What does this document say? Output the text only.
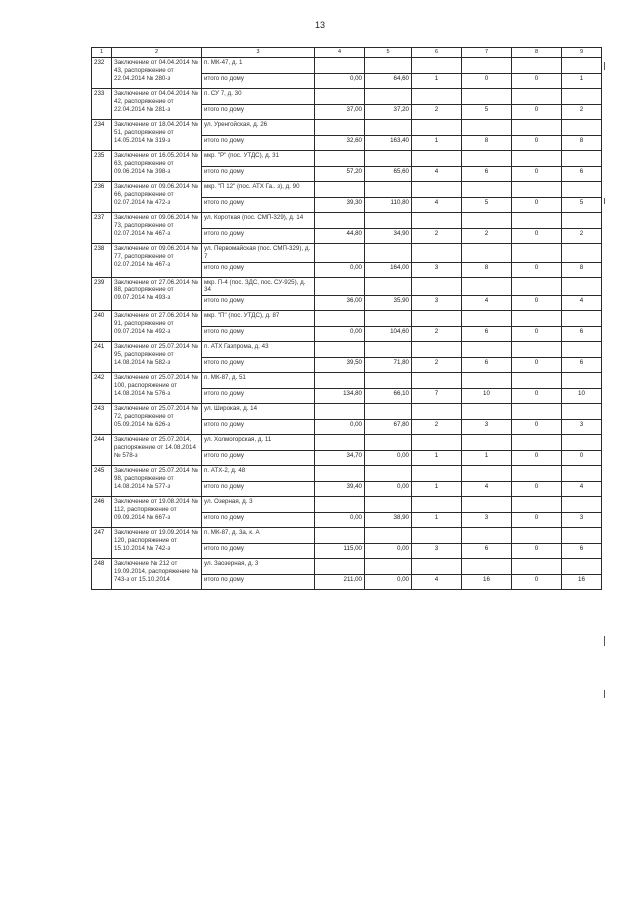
13
1	2	3	4	5	6	7	8	9
232	Заключение от 04.04.2014 № 43, распоряжение от 22.04.2014 № 280-з	п. МК-47, д. 1						
		итого по дому	0,00	64,60	1	0	0	1
233	Заключение от 04.04.2014 № 42, распоряжение от 22.04.2014 № 281-з	п. СУ 7, д. 30						
		итого по дому	37,00	37,20	2	5	0	2
234	Заключение от 18.04.2014 № 51, распоряжение от 14.05.2014 № 319-з	ул. Уренгойская, д. 26						
		итого по дому	32,60	163,40	1	8	0	8
235	Заключение от 16.05.2014 № 63, распоряжение от 09.06.2014 № 398-з	мкр. "Р" (пос. УТДС), д. 31						
		итого по дому	57,20	65,60	4	6	0	6
236	Заключение от 09.06.2014 № 66, распоряжение от 02.07.2014 № 472-з	мкр. "П 12" (пос. АТХ Га.. з), д. 90						
		итого по дому	39,30	110,80	4	5	0	5
237	Заключение от 09.06.2014 № 73, распоряжение от 02.07.2014 № 467-з	ул. Короткая (пос. СМП-329), д. 14						
		итого по дому	44,80	34,90	2	2	0	2
238	Заключение от 09.06.2014 № 77, распоряжение от 02.07.2014 № 467-з	ул. Первомайская (пос. СМП-329), д. 7						
		итого по дому	0,00	164,00	3	8	0	8
239	Заключение от 27.06.2014 № 88, распоряжение от 09.07.2014 № 493-з	мкр. П-4 (пос. ЗДС, пос. СУ-925), д. 34						
		итого по дому	36,00	35,90	3	4	0	4
240	Заключение от 27.06.2014 № 91, распоряжение от 09.07.2014 № 492-з	мкр. "П" (пос. УТДС), д. 87						
		итого по дому	0,00	104,60	2	6	0	6
241	Заключение от 25.07.2014 № 95, распоряжение от 14.08.2014 № 582-з	п. АТХ Газпрома, д. 43						
		итого по дому	39,50	71,80	2	6	0	6
242	Заключение от 25.07.2014 № 100, распоряжение от 14.08.2014 № 576-з	п. МК-87, д. 51						
		итого по дому	134,80	66,10	7	10	0	10
243	Заключение от 25.07.2014 № 72, распоряжение от 05.09.2014 № 626-з	ул. Широкая, д. 14						
		итого по дому	0,00	67,80	2	3	0	3
244	Заключение от 25.07.2014, распоряжение от 14.08.2014 № 578-з	ул. Холмогорская, д. 11						
		итого по дому	34,70	0,00	1	1	0	0
245	Заключение от 25.07.2014 № 98, распоряжение от 14.08.2014 № 577-з	п. АТХ-2, д. 48						
		итого по дому	39,40	0,00	1	4	0	4
246	Заключение от 19.08.2014 № 112, распоряжение от 09.09.2014 № 667-з	ул. Озерная, д. 3						
		итого по дому	0,00	38,90	1	3	0	3
247	Заключение от 19.09.2014 № 120, распоряжение от 15.10.2014 № 742-з	п. МК-87, д. 3а, к. А						
		итого по дому	115,00	0,00	3	6	0	6
248	Заключение № 212 от 19.09.2014, распоряжение № 743-з от 15.10.2014	ул. Заозерная, д. 3						
		итого по дому	211,00	0,00	4	16	0	16
